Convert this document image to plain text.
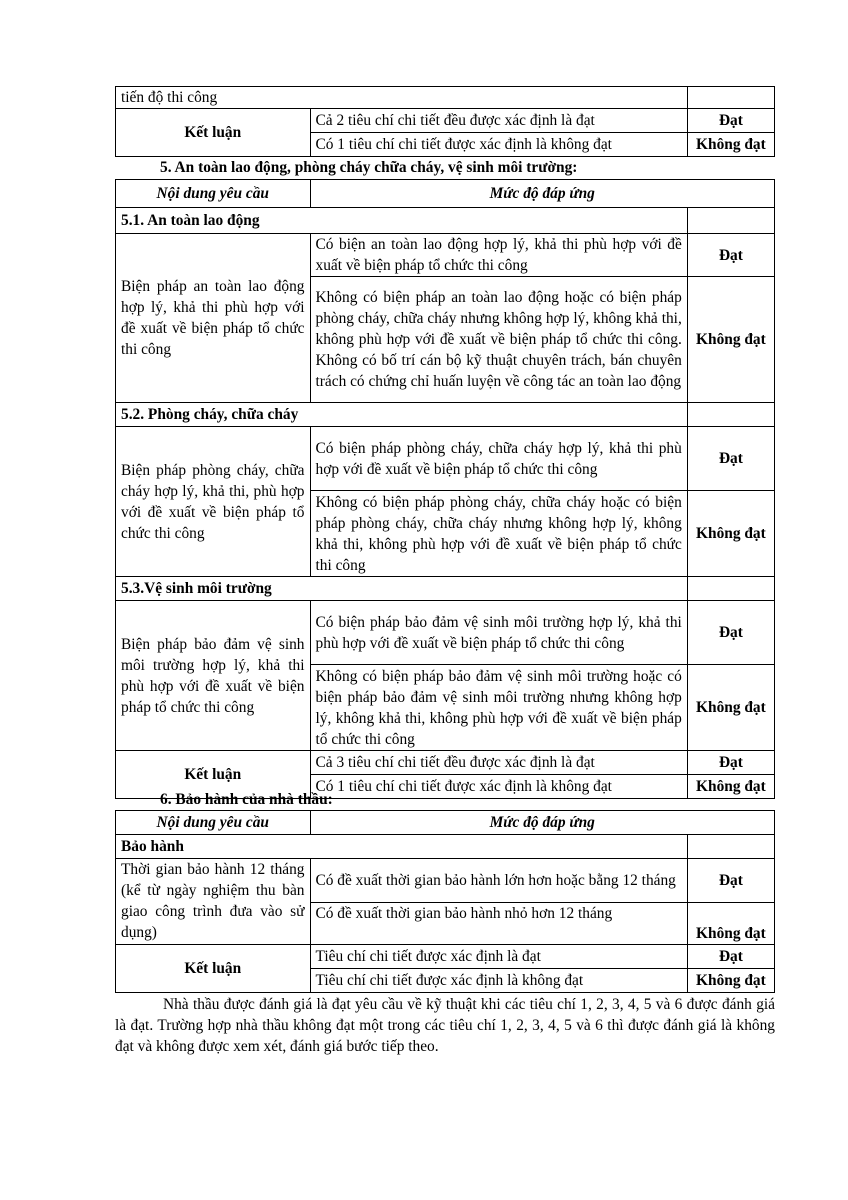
tiến độ thi công		
Kết luận	Cả 2 tiêu chí chi tiết đều được xác định là đạt	Đạt
	Có 1 tiêu chí chi tiết được xác định là không đạt	Không đạt
5. An toàn lao động, phòng cháy chữa cháy, vệ sinh môi trường:
Nội dung yêu cầu	Mức độ đáp ứng	
5.1. An toàn lao động		
Biện pháp an toàn lao động hợp lý, khả thi phù hợp với đề xuất về biện pháp tổ chức thi công	Có biện an toàn lao động hợp lý, khả thi phù hợp với đề xuất về biện pháp tổ chức thi công	Đạt
	Không có biện pháp an toàn lao động hoặc có biện pháp phòng cháy, chữa cháy nhưng không hợp lý, không khả thi, không phù hợp với đề xuất về biện pháp tổ chức thi công. Không có bố trí cán bộ kỹ thuật chuyên trách, bán chuyên trách có chứng chỉ huấn luyện về công tác an toàn lao động	Không đạt
5.2. Phòng cháy, chữa cháy		
Biện pháp phòng cháy, chữa cháy hợp lý, khả thi, phù hợp với đề xuất về biện pháp tổ chức thi công	Có biện pháp phòng cháy, chữa cháy hợp lý, khả thi phù hợp với đề xuất về biện pháp tổ chức thi công	Đạt
	Không có biện pháp phòng cháy, chữa cháy hoặc có biện pháp phòng cháy, chữa cháy nhưng không hợp lý, không khả thi, không phù hợp với đề xuất về biện pháp tổ chức thi công	Không đạt
5.3.Vệ sinh môi trường		
Biện pháp bảo đảm vệ sinh môi trường hợp lý, khả thi phù hợp với đề xuất về biện pháp tổ chức thi công	Có biện pháp bảo đảm vệ sinh môi trường hợp lý, khả thi phù hợp với đề xuất về biện pháp tổ chức thi công	Đạt
	Không có biện pháp bảo đảm vệ sinh môi trường hoặc có biện pháp bảo đảm vệ sinh môi trường nhưng không hợp lý, không khả thi, không phù hợp với đề xuất về biện pháp tổ chức thi công	Không đạt
Kết luận	Cả 3 tiêu chí chi tiết đều được xác định là đạt	Đạt
	Có 1 tiêu chí chi tiết được xác định là không đạt	Không đạt
6. Bảo hành của nhà thầu:
Nội dung yêu cầu	Mức độ đáp ứng	
Bảo hành		
Thời gian bảo hành 12 tháng (kể từ ngày nghiệm thu bàn giao công trình đưa vào sử dụng)	Có đề xuất thời gian bảo hành lớn hơn hoặc bằng 12 tháng	Đạt
	Có đề xuất thời gian bảo hành nhỏ hơn 12 tháng	Không đạt
Kết luận	Tiêu chí chi tiết được xác định là đạt	Đạt
	Tiêu chí chi tiết được xác định là không đạt	Không đạt
Nhà thầu được đánh giá là đạt yêu cầu về kỹ thuật khi các tiêu chí 1, 2, 3, 4, 5 và 6 được đánh giá là đạt. Trường hợp nhà thầu không đạt một trong các tiêu chí 1, 2, 3, 4, 5 và 6 thì được đánh giá là không đạt và không được xem xét, đánh giá bước tiếp theo.
